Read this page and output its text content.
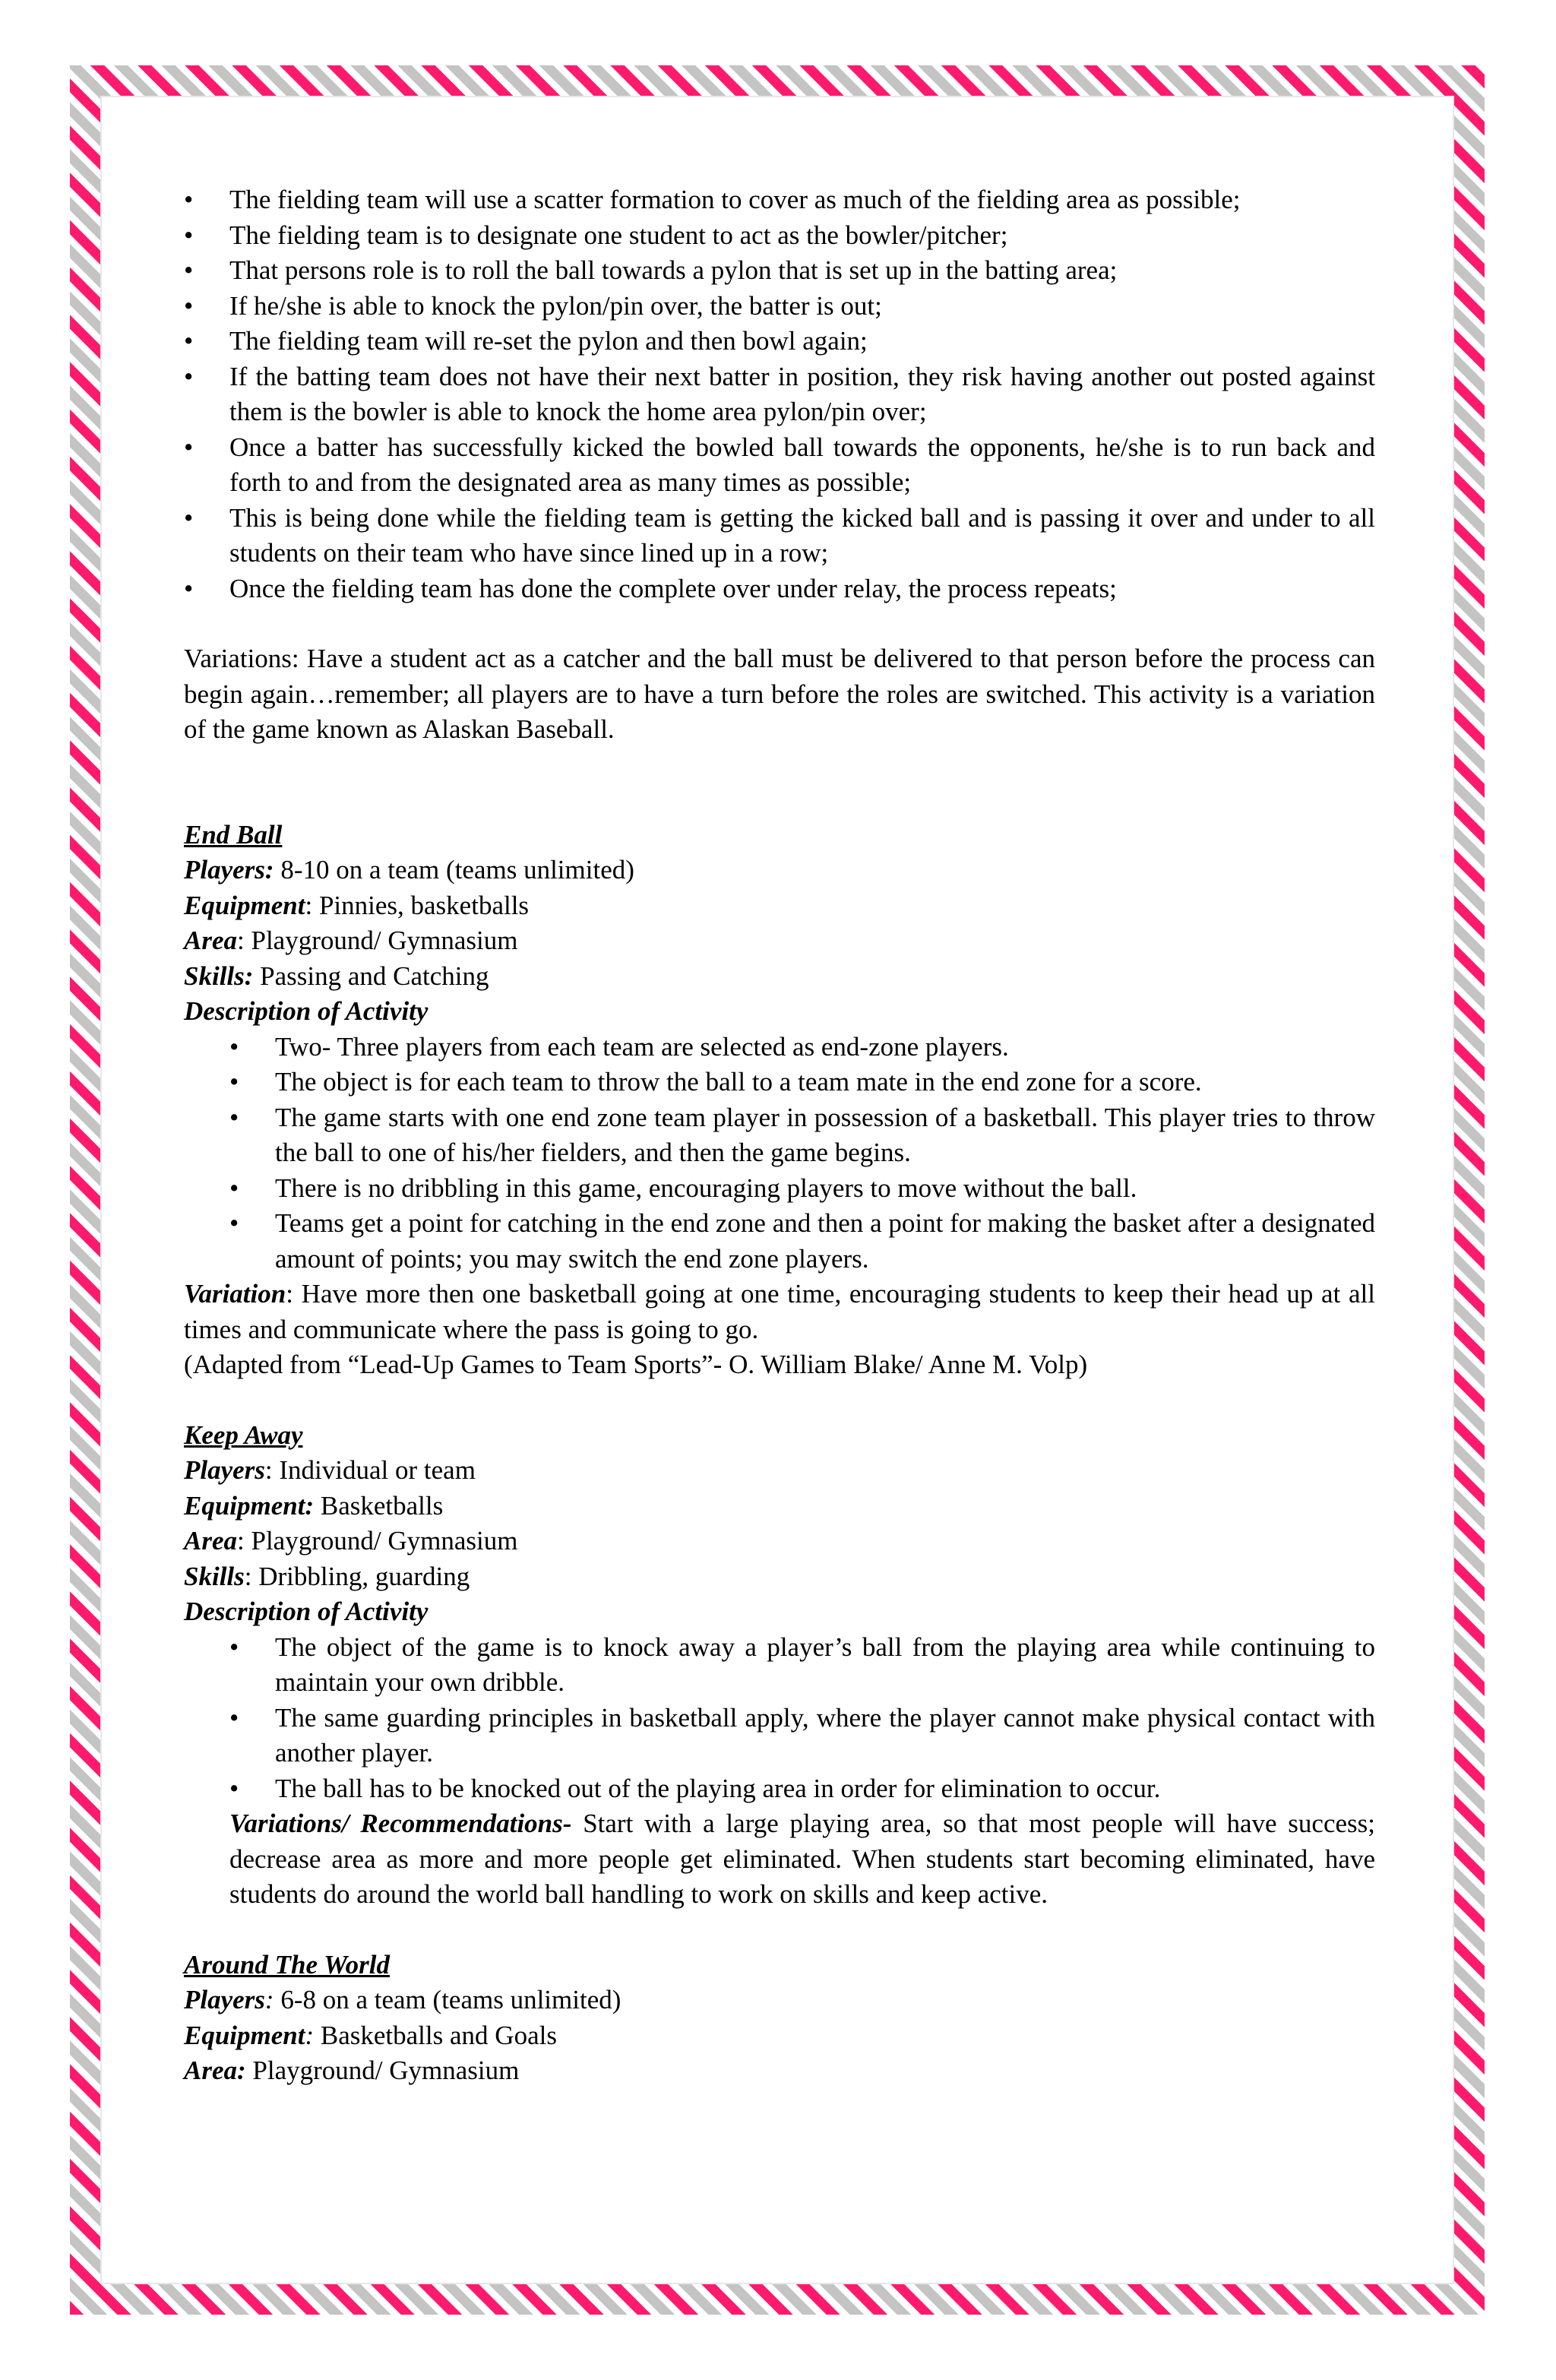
• The fielding team will use a scatter formation to cover as much of the fielding area as possible;
• The fielding team is to designate one student to act as the bowler/pitcher;
• That persons role is to roll the ball towards a pylon that is set up in the batting area;
• If he/she is able to knock the pylon/pin over, the batter is out;
• The fielding team will re-set the pylon and then bowl again;
• If the batting team does not have their next batter in position, they risk having another out posted against them is the bowler is able to knock the home area pylon/pin over;
• Once a batter has successfully kicked the bowled ball towards the opponents, he/she is to run back and forth to and from the designated area as many times as possible;
• This is being done while the fielding team is getting the kicked ball and is passing it over and under to all students on their team who have since lined up in a row;
• Once the fielding team has done the complete over under relay, the process repeats;

Variations: Have a student act as a catcher and the ball must be delivered to that person before the process can begin again…remember; all players are to have a turn before the roles are switched. This activity is a variation of the game known as Alaskan Baseball.

End Ball
Players: 8-10 on a team (teams unlimited)
Equipment: Pinnies, basketballs
Area: Playground/ Gymnasium
Skills: Passing and Catching
Description of Activity
• Two- Three players from each team are selected as end-zone players.
• The object is for each team to throw the ball to a team mate in the end zone for a score.
• The game starts with one end zone team player in possession of a basketball. This player tries to throw the ball to one of his/her fielders, and then the game begins.
• There is no dribbling in this game, encouraging players to move without the ball.
• Teams get a point for catching in the end zone and then a point for making the basket after a designated amount of points; you may switch the end zone players.

Variation: Have more then one basketball going at one time, encouraging students to keep their head up at all times and communicate where the pass is going to go.

(Adapted from “Lead-Up Games to Team Sports”- O. William Blake/ Anne M. Volp)
Keep Away
Players: Individual or team
Equipment: Basketballs
Area: Playground/ Gymnasium
Skills: Dribbling, guarding
Description of Activity
• The object of the game is to knock away a player’s ball from the playing area while continuing to maintain your own dribble.
• The same guarding principles in basketball apply, where the player cannot make physical contact with another player.
• The ball has to be knocked out of the playing area in order for elimination to occur.

Variations/ Recommendations- Start with a large playing area, so that most people will have success; decrease area as more and more people get eliminated. When students start becoming eliminated, have students do around the world ball handling to work on skills and keep active.

Around The World
Players: 6-8 on a team (teams unlimited)
Equipment: Basketballs and Goals
Area: Playground/ Gymnasium
